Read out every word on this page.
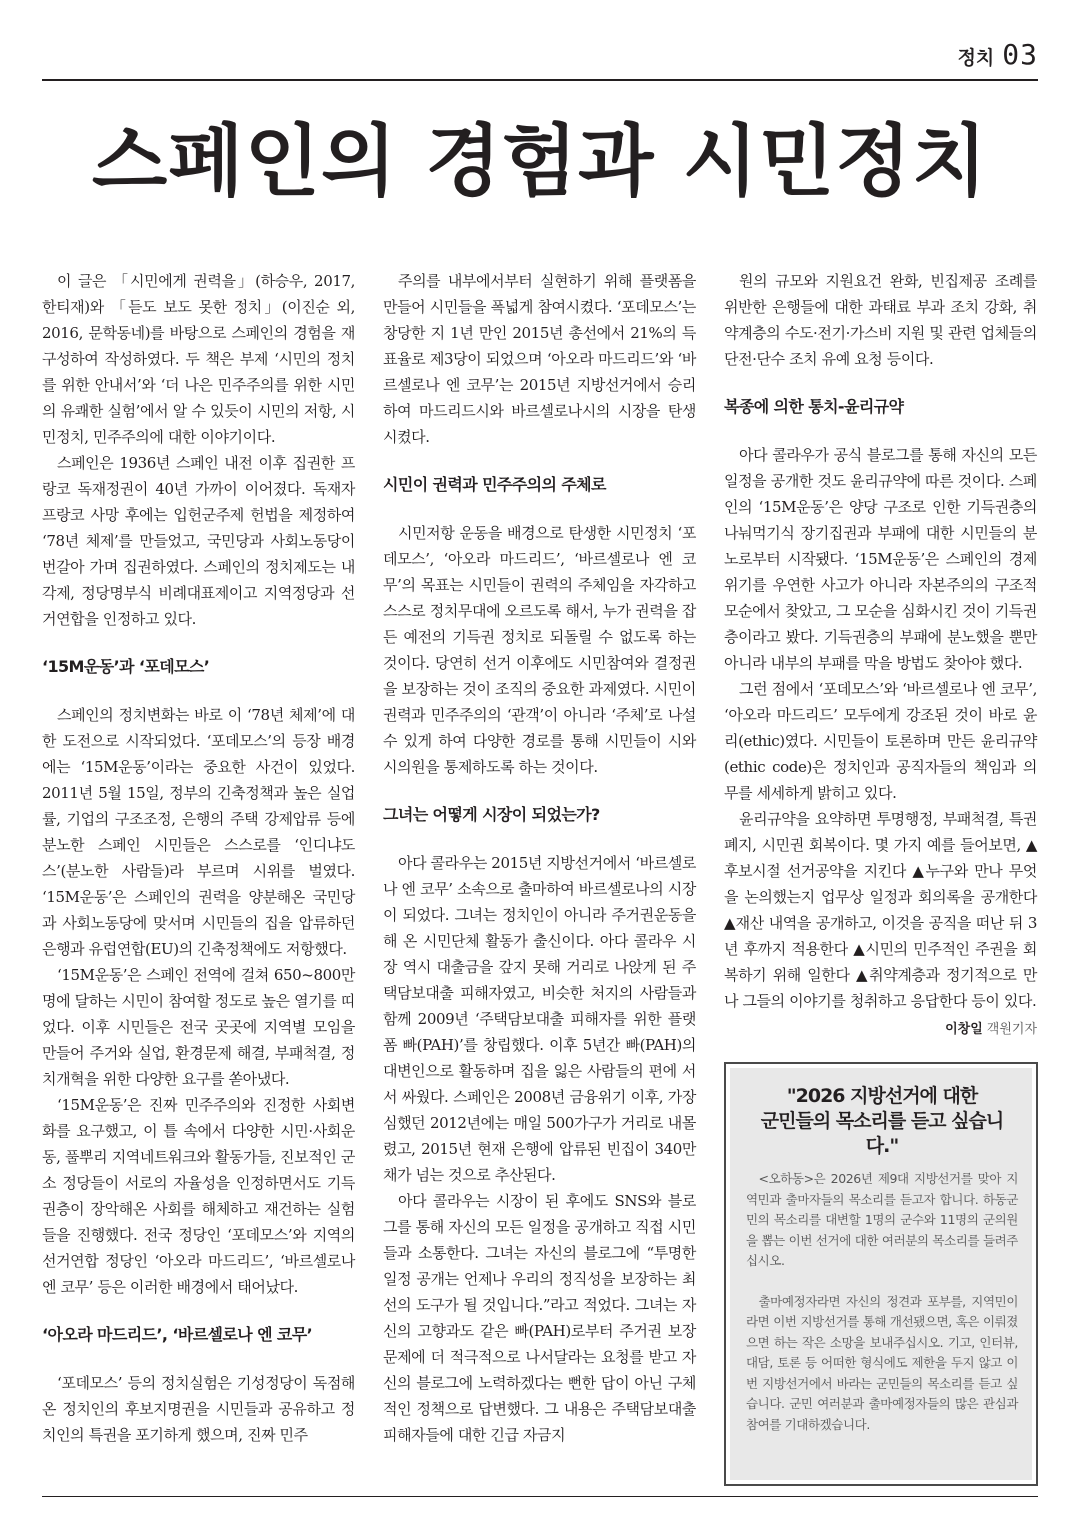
정치 03
스페인의 경험과 시민정치

이 글은 「시민에게 권력을」(하승우, 2017, 한티재)와 「듣도 보도 못한 정치」(이진순 외, 2016, 문학동네)를 바탕으로 스페인의 경험을 재구성하여 작성하였다. 두 책은 부제 ‘시민의 정치를 위한 안내서’와 ‘더 나은 민주주의를 위한 시민의 유쾌한 실험’에서 알 수 있듯이 시민의 저항, 시민정치, 민주주의에 대한 이야기이다.

스페인은 1936년 스페인 내전 이후 집권한 프랑코 독재정권이 40년 가까이 이어졌다. 독재자 프랑코 사망 후에는 입헌군주제 헌법을 제정하여 ‘78년 체제’를 만들었고, 국민당과 사회노동당이 번갈아 가며 집권하였다. 스페인의 정치제도는 내각제, 정당명부식 비례대표제이고 지역정당과 선거연합을 인정하고 있다.

‘15M운동’과 ‘포데모스’

스페인의 정치변화는 바로 이 ‘78년 체제’에 대한 도전으로 시작되었다. ‘포데모스’의 등장 배경에는 ‘15M운동’이라는 중요한 사건이 있었다. 2011년 5월 15일, 정부의 긴축정책과 높은 실업률, 기업의 구조조정, 은행의 주택 강제압류 등에 분노한 스페인 시민들은 스스로를 ‘인디냐도스’(분노한 사람들)라 부르며 시위를 벌였다. ‘15M운동’은 스페인의 권력을 양분해온 국민당과 사회노동당에 맞서며 시민들의 집을 압류하던 은행과 유럽연합(EU)의 긴축정책에도 저항했다.

‘15M운동’은 스페인 전역에 걸쳐 650~800만 명에 달하는 시민이 참여할 정도로 높은 열기를 띠었다. 이후 시민들은 전국 곳곳에 지역별 모임을 만들어 주거와 실업, 환경문제 해결, 부패척결, 정치개혁을 위한 다양한 요구를 쏟아냈다.

‘15M운동’은 진짜 민주주의와 진정한 사회변화를 요구했고, 이 틀 속에서 다양한 시민·사회운동, 풀뿌리 지역네트워크와 활동가들, 진보적인 군소 정당들이 서로의 자율성을 인정하면서도 기득권층이 장악해온 사회를 해체하고 재건하는 실험들을 진행했다. 전국 정당인 ‘포데모스’와 지역의 선거연합 정당인 ‘아오라 마드리드’, ‘바르셀로나 엔 코무’ 등은 이러한 배경에서 태어났다.

‘아오라 마드리드’, ‘바르셀로나 엔 코무’

‘포데모스’ 등의 정치실험은 기성정당이 독점해온 정치인의 후보지명권을 시민들과 공유하고 정치인의 특권을 포기하게 했으며, 진짜 민주

주의를 내부에서부터 실현하기 위해 플랫폼을 만들어 시민들을 폭넓게 참여시켰다. ‘포데모스’는 창당한 지 1년 만인 2015년 총선에서 21%의 득표율로 제3당이 되었으며 ‘아오라 마드리드’와 ‘바르셀로나 엔 코무’는 2015년 지방선거에서 승리하여 마드리드시와 바르셀로나시의 시장을 탄생시켰다.

시민이 권력과 민주주의의 주체로

시민저항 운동을 배경으로 탄생한 시민정치 ‘포데모스’, ‘아오라 마드리드’, ‘바르셀로나 엔 코무’의 목표는 시민들이 권력의 주체임을 자각하고 스스로 정치무대에 오르도록 해서, 누가 권력을 잡든 예전의 기득권 정치로 되돌릴 수 없도록 하는 것이다. 당연히 선거 이후에도 시민참여와 결정권을 보장하는 것이 조직의 중요한 과제였다. 시민이 권력과 민주주의의 ‘관객’이 아니라 ‘주체’로 나설 수 있게 하여 다양한 경로를 통해 시민들이 시와 시의원을 통제하도록 하는 것이다.

그녀는 어떻게 시장이 되었는가?

아다 콜라우는 2015년 지방선거에서 ‘바르셀로나 엔 코무’ 소속으로 출마하여 바르셀로나의 시장이 되었다. 그녀는 정치인이 아니라 주거권운동을 해 온 시민단체 활동가 출신이다. 아다 콜라우 시장 역시 대출금을 갚지 못해 거리로 나앉게 된 주택담보대출 피해자였고, 비슷한 처지의 사람들과 함께 2009년 ‘주택담보대출 피해자를 위한 플랫폼 빠(PAH)’를 창립했다. 이후 5년간 빠(PAH)의 대변인으로 활동하며 집을 잃은 사람들의 편에 서서 싸웠다. 스페인은 2008년 금융위기 이후, 가장 심했던 2012년에는 매일 500가구가 거리로 내몰렸고, 2015년 현재 은행에 압류된 빈집이 340만 채가 넘는 것으로 추산된다.

아다 콜라우는 시장이 된 후에도 SNS와 블로그를 통해 자신의 모든 일정을 공개하고 직접 시민들과 소통한다. 그녀는 자신의 블로그에 “투명한 일정 공개는 언제나 우리의 정직성을 보장하는 최선의 도구가 될 것입니다.”라고 적었다. 그녀는 자신의 고향과도 같은 빠(PAH)로부터 주거권 보장 문제에 더 적극적으로 나서달라는 요청를 받고 자신의 블로그에 노력하겠다는 뻔한 답이 아닌 구체적인 정책으로 답변했다. 그 내용은 주택담보대출 피해자들에 대한 긴급 자금지

원의 규모와 지원요건 완화, 빈집제공 조례를 위반한 은행들에 대한 과태료 부과 조치 강화, 취약계층의 수도·전기·가스비 지원 및 관련 업체들의 단전·단수 조치 유예 요청 등이다.

복종에 의한 통치-윤리규약

아다 콜라우가 공식 블로그를 통해 자신의 모든 일정을 공개한 것도 윤리규약에 따른 것이다. 스페인의 ‘15M운동’은 양당 구조로 인한 기득권층의 나눠먹기식 장기집권과 부패에 대한 시민들의 분노로부터 시작됐다. ‘15M운동’은 스페인의 경제위기를 우연한 사고가 아니라 자본주의의 구조적 모순에서 찾았고, 그 모순을 심화시킨 것이 기득권층이라고 봤다. 기득권층의 부패에 분노했을 뿐만 아니라 내부의 부패를 막을 방법도 찾아야 했다.

그런 점에서 ‘포데모스’와 ‘바르셀로나 엔 코무’, ‘아오라 마드리드’ 모두에게 강조된 것이 바로 윤리(ethic)였다. 시민들이 토론하며 만든 윤리규약(ethic code)은 정치인과 공직자들의 책임과 의무를 세세하게 밝히고 있다.

윤리규약을 요약하면 투명행정, 부패척결, 특권폐지, 시민권 회복이다. 몇 가지 예를 들어보면, ▲후보시절 선거공약을 지킨다 ▲누구와 만나 무엇을 논의했는지 업무상 일정과 회의록을 공개한다 ▲재산 내역을 공개하고, 이것을 공직을 떠난 뒤 3년 후까지 적용한다 ▲시민의 민주적인 주권을 회복하기 위해 일한다 ▲취약계층과 정기적으로 만나 그들의 이야기를 청취하고 응답한다 등이 있다.

이창일 객원기자
"2026 지방선거에 대한
군민들의 목소리를 듣고 싶습니다."

<오하동>은 2026년 제9대 지방선거를 맞아 지역민과 출마자들의 목소리를 듣고자 합니다. 하동군민의 목소리를 대변할 1명의 군수와 11명의 군의원을 뽑는 이번 선거에 대한 여러분의 목소리를 들려주십시오.

출마예정자라면 자신의 정견과 포부를, 지역민이라면 이번 지방선거를 통해 개선됐으면, 혹은 이뤄졌으면 하는 작은 소망을 보내주십시오. 기고, 인터뷰, 대담, 토론 등 어떠한 형식에도 제한을 두지 않고 이번 지방선거에서 바라는 군민들의 목소리를 듣고 싶습니다. 군민 여러분과 출마예정자들의 많은 관심과 참여를 기대하겠습니다.
